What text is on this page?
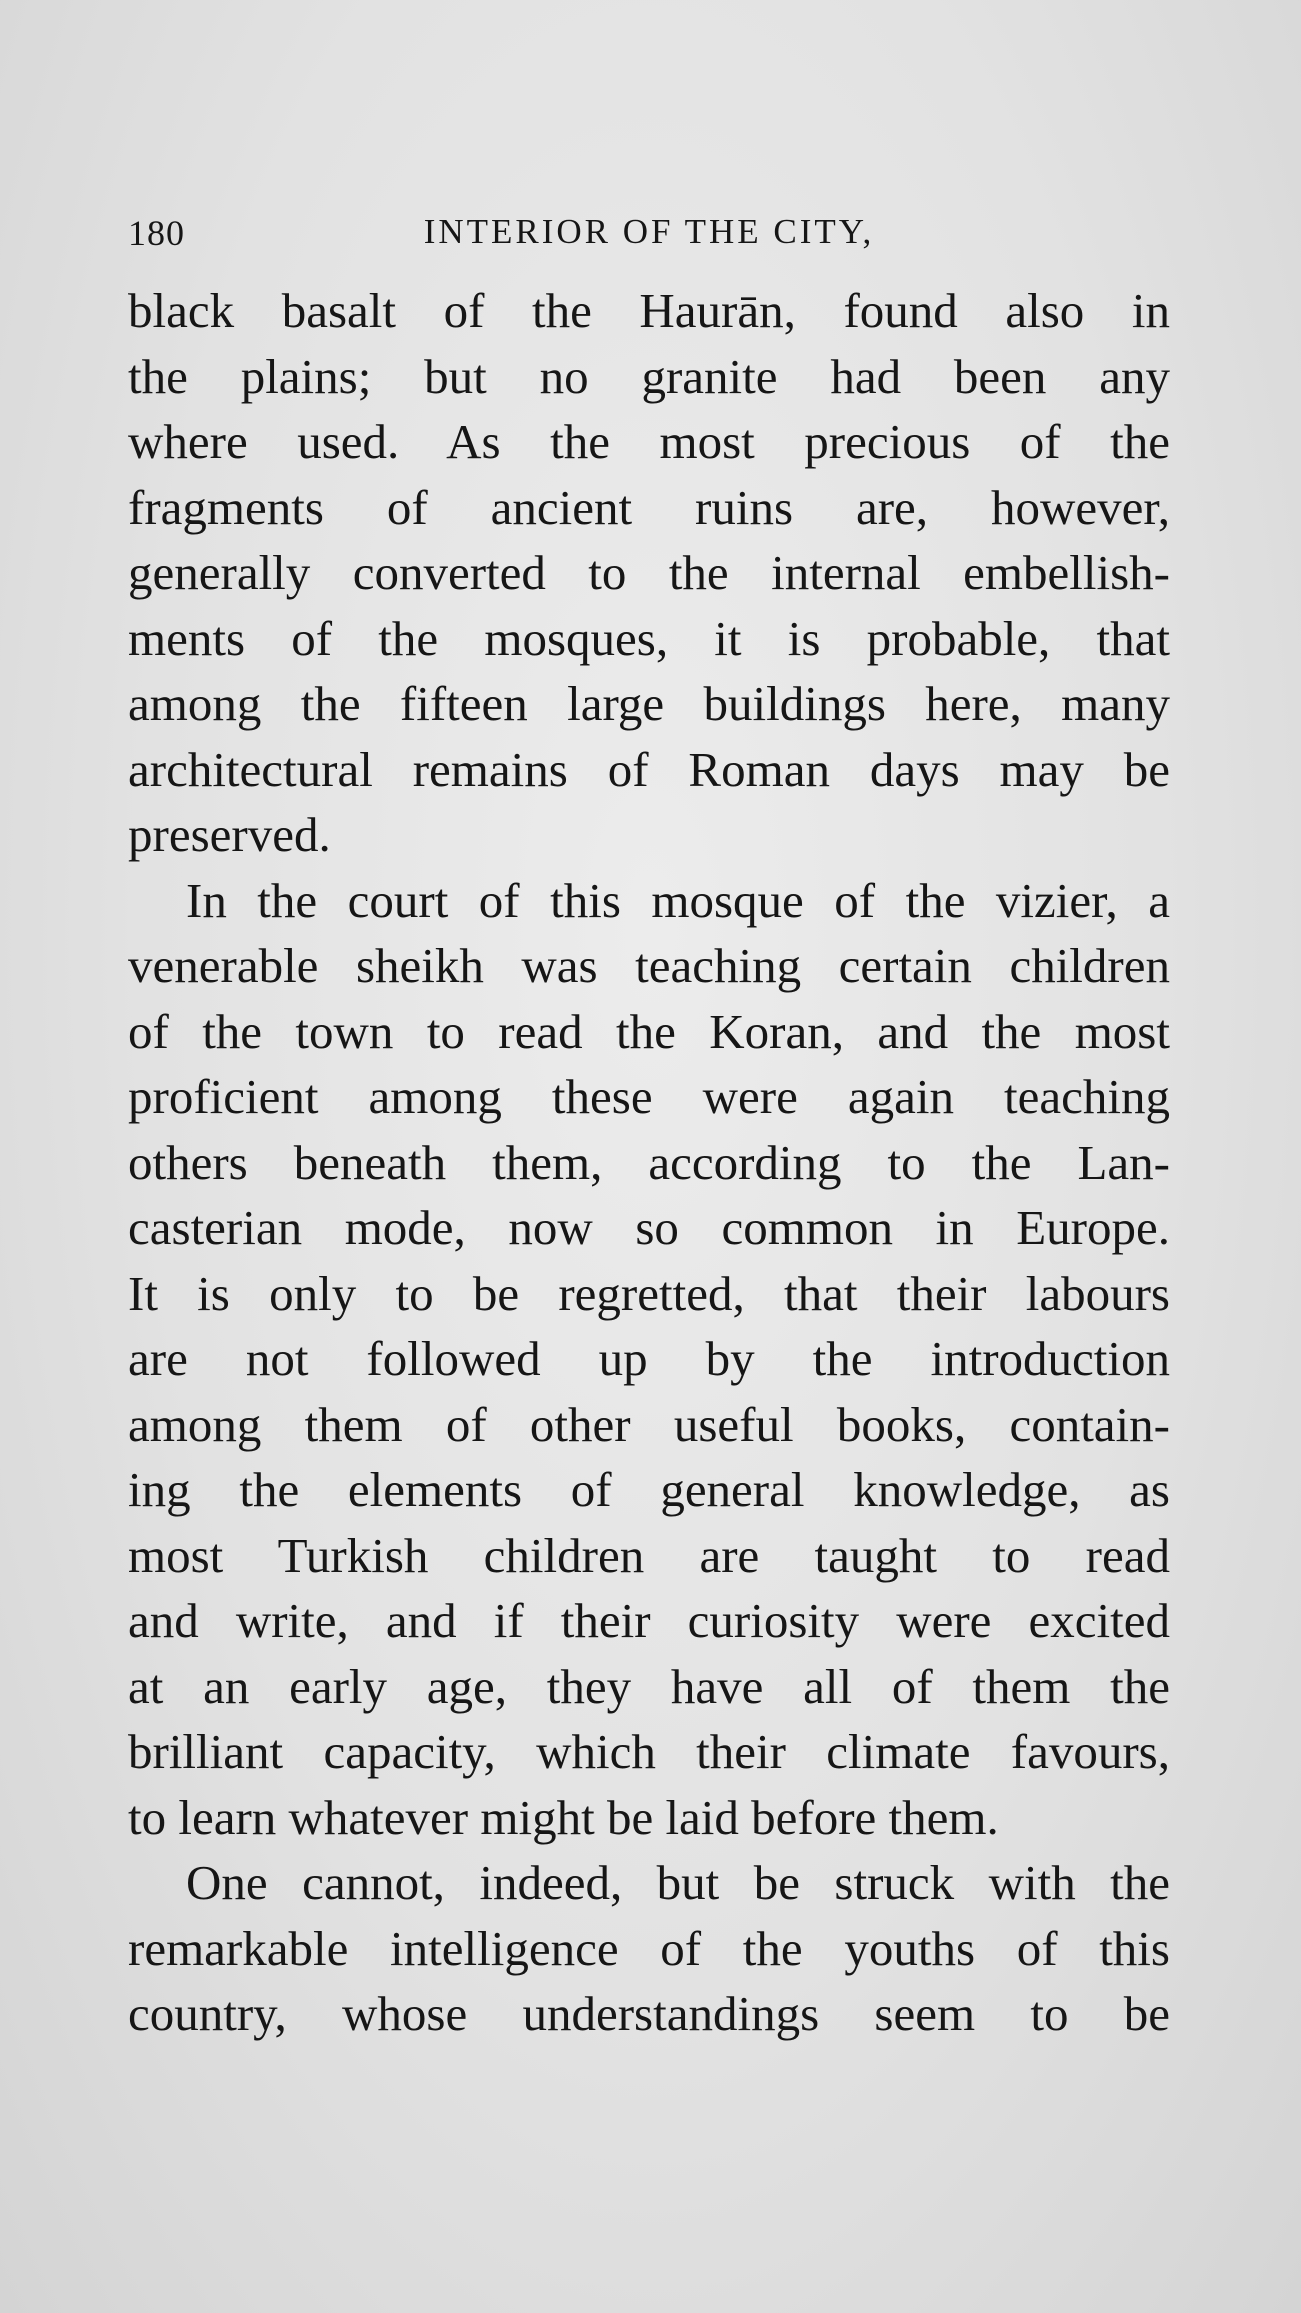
180	INTERIOR OF THE CITY,
black basalt of the Haurān, found also in
the plains; but no granite had been any
where used. As the most precious of the
fragments of ancient ruins are, however,
generally converted to the internal embellish-
ments of the mosques, it is probable, that
among the fifteen large buildings here, many
architectural remains of Roman days may be
preserved.
In the court of this mosque of the vizier, a
venerable sheikh was teaching certain children
of the town to read the Koran, and the most
proficient among these were again teaching
others beneath them, according to the Lan-
casterian mode, now so common in Europe.
It is only to be regretted, that their labours
are not followed up by the introduction
among them of other useful books, contain-
ing the elements of general knowledge, as
most Turkish children are taught to read
and write, and if their curiosity were excited
at an early age, they have all of them the
brilliant capacity, which their climate favours,
to learn whatever might be laid before them.
One cannot, indeed, but be struck with the
remarkable intelligence of the youths of this
country, whose understandings seem to be
